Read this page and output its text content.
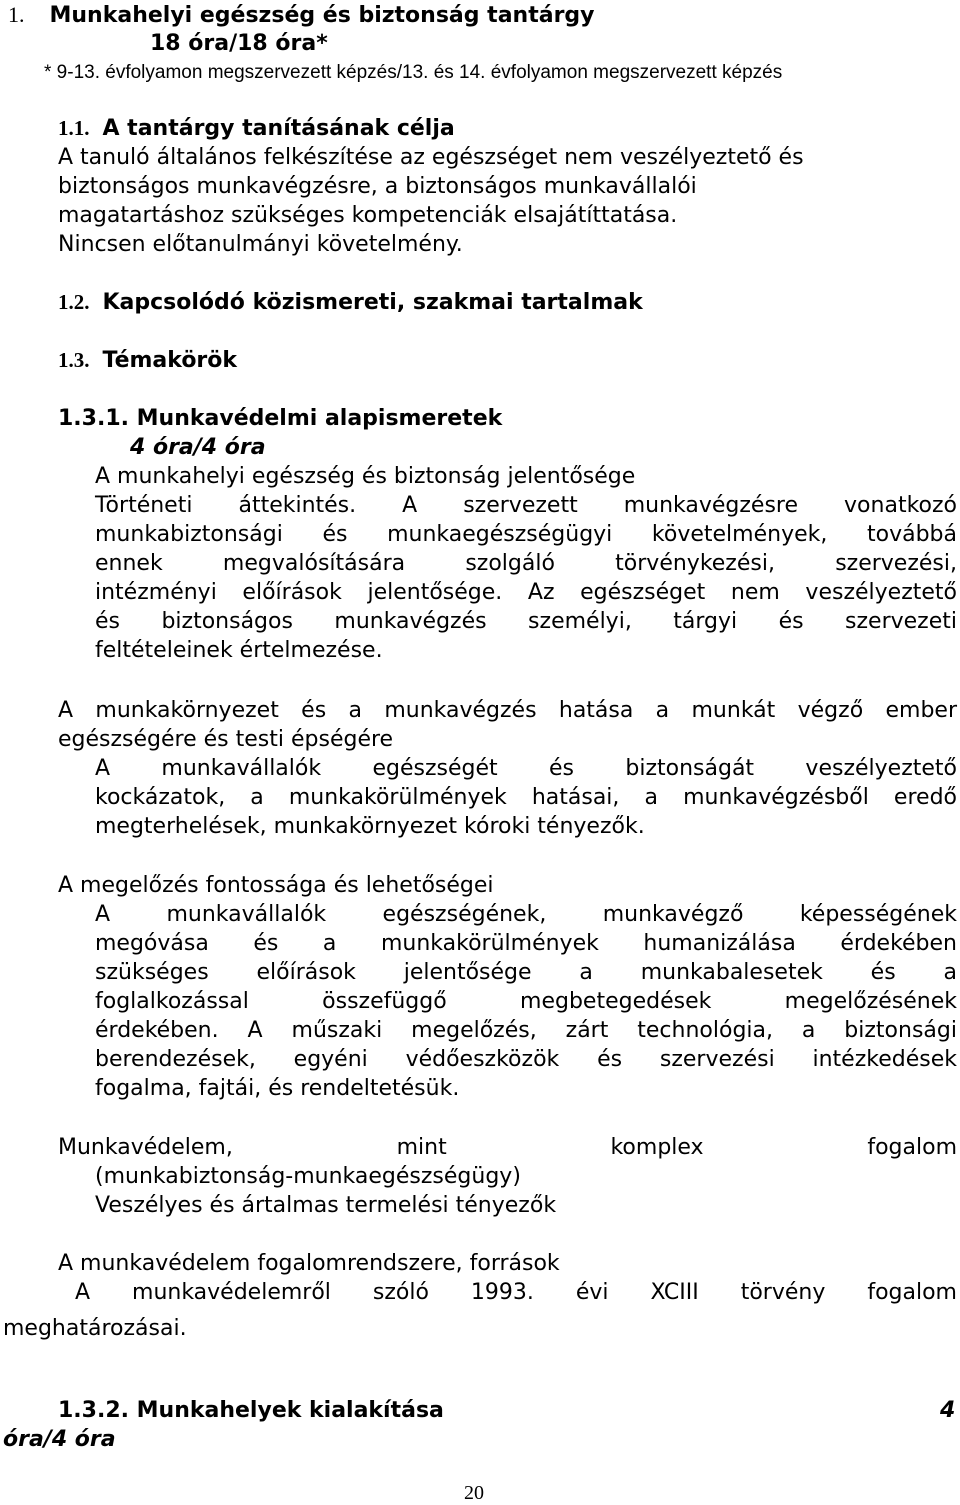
1. Munkahelyi egészség és biztonság tantárgy
18 óra/18 óra*
* 9-13. évfolyamon megszervezett képzés/13. és 14. évfolyamon megszervezett képzés
1.1. A tantárgy tanításának célja
A tanuló általános felkészítése az egészséget nem veszélyeztető és
biztonságos munkavégzésre, a biztonságos munkavállalói
magatartáshoz szükséges kompetenciák elsajátíttatása.
Nincsen előtanulmányi követelmény.
1.2. Kapcsolódó közismereti, szakmai tartalmak
1.3. Témakörök
1.3.1. Munkavédelmi alapismeretek
4 óra/4 óra
A munkahelyi egészség és biztonság jelentősége
Történeti áttekintés. A szervezett munkavégzésre vonatkozó
munkabiztonsági és munkaegészségügyi követelmények, továbbá
ennek megvalósítására szolgáló törvénykezési, szervezési,
intézményi előírások jelentősége. Az egészséget nem veszélyeztető
és biztonságos munkavégzés személyi, tárgyi és szervezeti
feltételeinek értelmezése.
A munkakörnyezet és a munkavégzés hatása a munkát végző ember
egészségére és testi épségére
A munkavállalók egészségét és biztonságát veszélyeztető
kockázatok, a munkakörülmények hatásai, a munkavégzésből eredő
megterhelések, munkakörnyezet kóroki tényezők.
A megelőzés fontossága és lehetőségei
A munkavállalók egészségének, munkavégző képességének
megóvása és a munkakörülmények humanizálása érdekében
szükséges előírások jelentősége a munkabalesetek és a
foglalkozással összefüggő megbetegedések megelőzésének
érdekében. A műszaki megelőzés, zárt technológia, a biztonsági
berendezések, egyéni védőeszközök és szervezési intézkedések
fogalma, fajtái, és rendeltetésük.
Munkavédelem, mint komplex fogalom
(munkabiztonság-munkaegészségügy)
Veszélyes és ártalmas termelési tényezők
A munkavédelem fogalomrendszere, források
A munkavédelemről szóló 1993. évi XCIII törvény fogalom
meghatározásai.
1.3.2. Munkahelyek kialakítása	4
óra/4 óra
20
